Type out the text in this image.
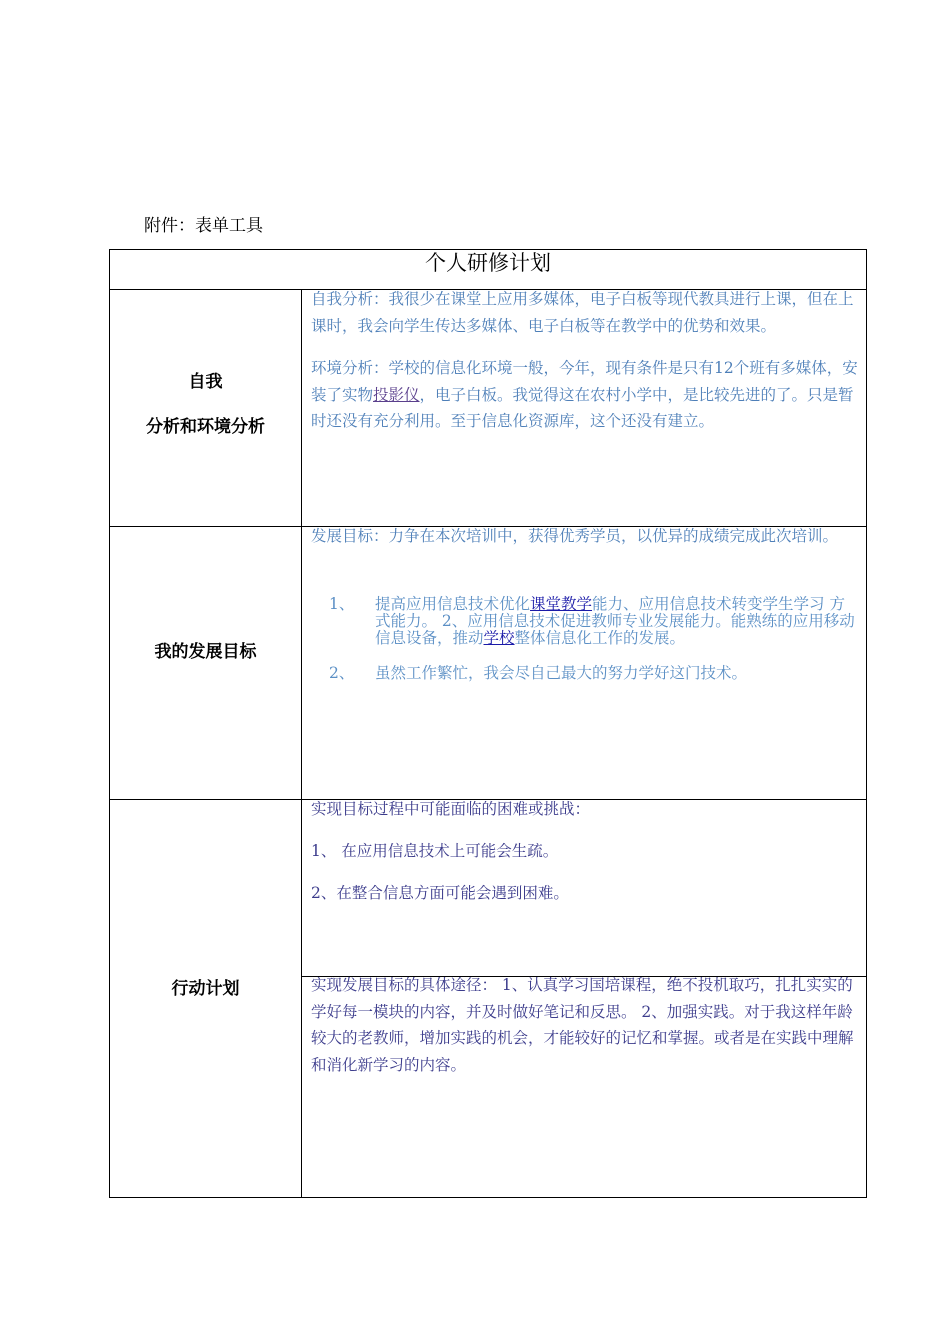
附件：表单工具
个人研修计划
自我
分析和环境分析

自我分析：我很少在课堂上应用多媒体，电子白板等现代教具进行上课，但在上课时，我会向学生传达多媒体、电子白板等在教学中的优势和效果。

环境分析：学校的信息化环境一般，今年，现有条件是只有12个班有多媒体，安装了实物投影仪，电子白板。我觉得这在农村小学中，是比较先进的了。只是暂时还没有充分利用。至于信息化资源库，这个还没有建立。

我的发展目标
发展目标：力争在本次培训中，获得优秀学员，以优异的成绩完成此次培训。
1、 提高应用信息技术优化课堂教学能力、应用信息技术转变学生学习 方式能力。 2、应用信息技术促进教师专业发展能力。能熟练的应用移动信息设备，推动学校整体信息化工作的发展。
2、 虽然工作繁忙，我会尽自己最大的努力学好这门技术。
行动计划
实现目标过程中可能面临的困难或挑战：
1、 在应用信息技术上可能会生疏。
2、在整合信息方面可能会遇到困难。
实现发展目标的具体途径： 1、认真学习国培课程，绝不投机取巧，扎扎实实的学好每一模块的内容，并及时做好笔记和反思。 2、加强实践。对于我这样年龄较大的老教师，增加实践的机会，才能较好的记忆和掌握。或者是在实践中理解和消化新学习的内容。
